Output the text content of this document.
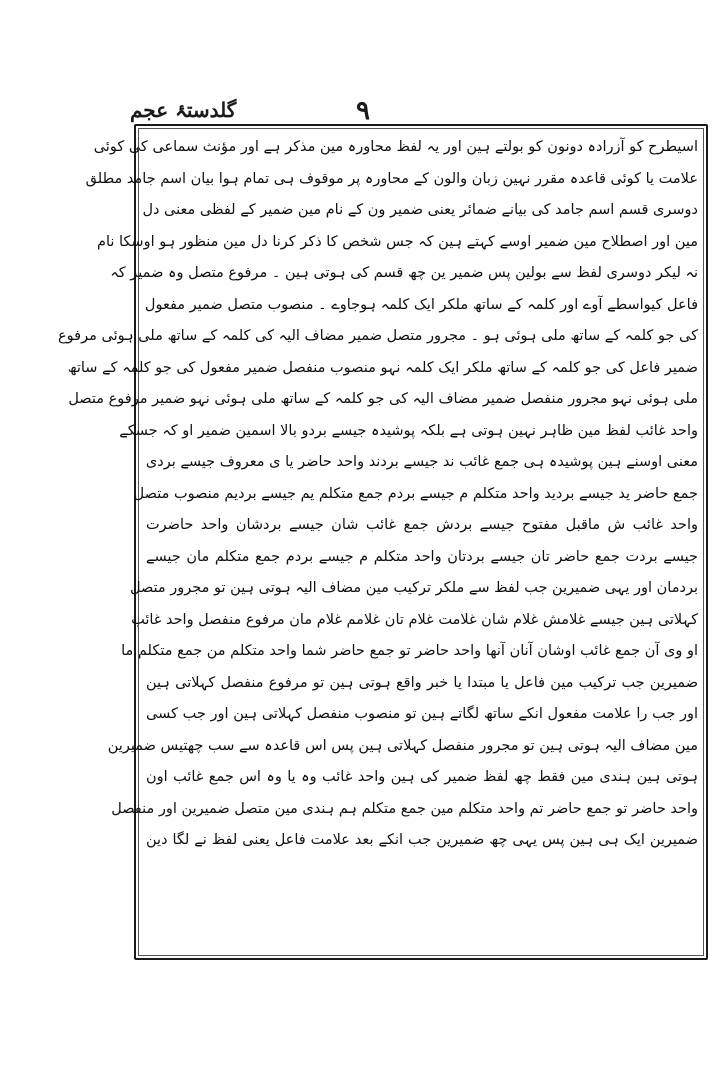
گلدستۂ عجم	۹
اسیطرح کو آزرادہ دونون کو بولتے ہین اور یہ لفظ محاورہ مین مذکر ہے اور مؤنث سماعی کی کوئی
علامت یا کوئی قاعدہ مقرر نہین زبان والون کے محاورہ پر موقوف ہی تمام ہوا بیان اسم جامد مطلق
دوسری قسم اسم جامد کی بیانے ضمائر یعنی ضمیر ون کے نام مین ضمیر کے لفظی معنی دل
مین اور اصطلاح مین ضمیر اوسے کہتے ہین کہ جس شخص کا ذکر کرنا دل مین منظور ہو اوسکا نام
نہ لیکر دوسری لفظ سے بولین پس ضمیر ین چھ قسم کی ہوتی ہین ۔ مرفوع متصل وہ ضمیر کہ
فاعل کیواسطے آوے اور کلمہ کے ساتھ ملکر ایک کلمہ ہوجاوے ۔ منصوب متصل ضمیر مفعول
کی جو کلمہ کے ساتھ ملی ہوئی ہو ۔ مجرور متصل ضمیر مضاف الیہ کی کلمہ کے ساتھ ملی ہوئی مرفوع
ضمیر فاعل کی جو کلمہ کے ساتھ ملکر ایک کلمہ نہو منصوب منفصل ضمیر مفعول کی جو کلمہ کے ساتھ
ملی ہوئی نہو مجرور منفصل ضمیر مضاف الیہ کی جو کلمہ کے ساتھ ملی ہوئی نہو ضمیر مرفوع متصل
واحد غائب لفظ مین ظاہر نہین ہوتی ہے بلکہ پوشیدہ جیسے بردو بالا اسمین ضمیر او کہ جسکے
معنی اوسنے ہین پوشیدہ ہی جمع غائب ند جیسے بردند واحد حاضر یا ی معروف جیسے بردی
جمع حاضر ید جیسے بردید واحد متکلم م جیسے بردم جمع متکلم یم جیسے بردیم منصوب متصل
واحد غائب ش ماقبل مفتوح جیسے بردش جمع غائب شان جیسے بردشان واحد حاضرت
جیسے بردت جمع حاضر تان جیسے بردتان واحد متکلم م جیسے بردم جمع متکلم مان جیسے
بردمان اور یہی ضمیرین جب لفظ سے ملکر ترکیب مین مضاف الیہ ہوتی ہین تو مجرور متصل
کہلاتی ہین جیسے غلامش غلام شان غلامت غلام تان غلامم غلام مان مرفوع منفصل واحد غائب
او وی آن جمع غائب اوشان آنان آنها واحد حاضر تو جمع حاضر شما واحد متکلم من جمع متکلم ما
ضمیرین جب ترکیب مین فاعل یا مبتدا یا خبر واقع ہوتی ہین تو مرفوع منفصل کہلاتی ہین
اور جب را علامت مفعول انکے ساتھ لگاتے ہین تو منصوب منفصل کہلاتی ہین اور جب کسی
مین مضاف الیہ ہوتی ہین تو مجرور منفصل کہلاتی ہین پس اس قاعدہ سے سب چھتیس ضمیرین
ہوتی ہین ہندی مین فقط چھ لفظ ضمیر کی ہین واحد غائب وہ یا وہ اس جمع غائب اون
واحد حاضر تو جمع حاضر تم واحد متکلم مین جمع متکلم ہم ہندی مین متصل ضمیرین اور منفصل
ضمیرین ایک ہی ہین پس یہی چھ ضمیرین جب انکے بعد علامت فاعل یعنی لفظ نے لگا دین
